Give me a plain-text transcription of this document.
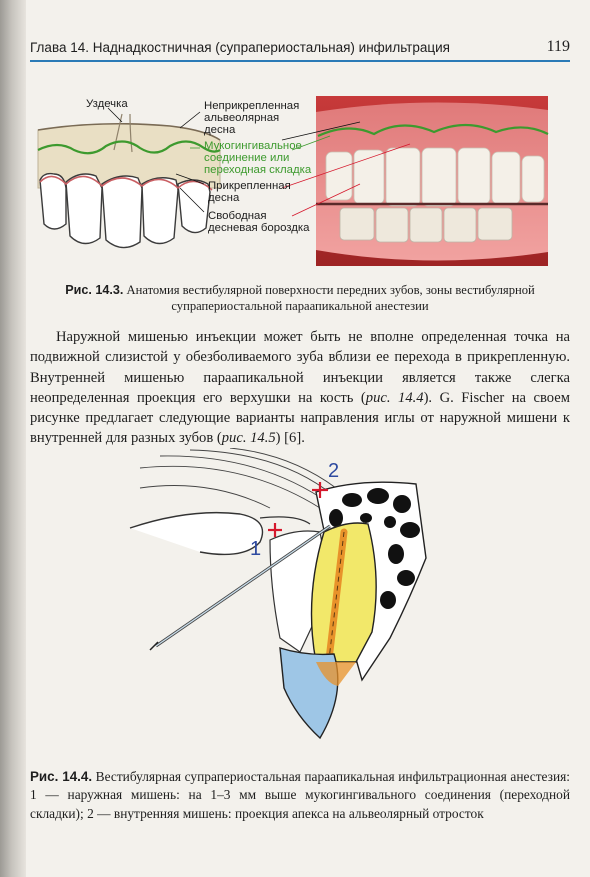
Глава 14. Наднадкостничная (супрапериостальная) инфильтрация	119
Уздечка	Неприкрепленная
альвеолярная
десна
Мукогингивальное
соединение или
переходная складка
Прикрепленная
десна
Свободная
десневая бороздка
Рис. 14.3. Анатомия вестибулярной поверхности передних зубов, зоны вестибулярной
супрапериостальной параапикальной анестезии
Наружной мишенью инъекции может быть не вполне определенная точка на подвижной слизистой у обезболиваемого зуба вблизи ее перехода в прикрепленную. Внутренней мишенью параапикальной инъекции является также слегка неопределенная проекция его верхушки на кость (рис. 14.4). G. Fischer на своем рисунке предлагает следующие варианты направления иглы от наружной мишени к внутренней для разных зубов (рис. 14.5) [6].
1
2
Рис. 14.4. Вестибулярная супрапериостальная параапикальная инфильтрационная анестезия: 1 — наружная мишень: на 1–3 мм выше мукогингивального соединения (переходной складки); 2 — внутренняя мишень: проекция апекса на альвеолярный отросток
